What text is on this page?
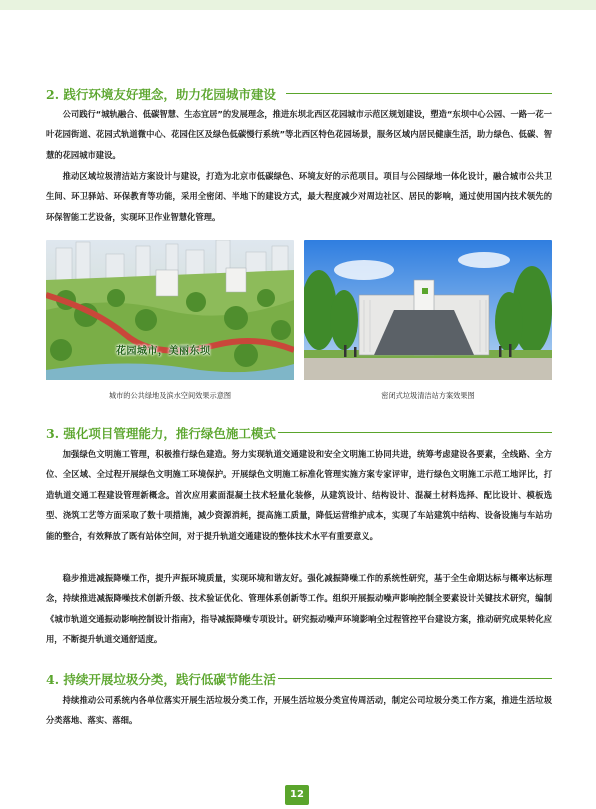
2. 践行环境友好理念，助力花园城市建设

公司践行“城轨融合、低碳智慧、生态宜居”的发展理念，推进东坝北西区花园城市示范区规划建设，塑造“东坝中心公园、一路一花一叶花园街道、花园式轨道微中心、花园住区及绿色低碳慢行系统”等北西区特色花园场景，服务区域内居民健康生活，助力绿色、低碳、智慧的花园城市建设。

推动区域垃圾清洁站方案设计与建设，打造为北京市低碳绿色、环境友好的示范项目。项目与公园绿地一体化设计，融合城市公共卫生间、环卫驿站、环保教育等功能，采用全密闭、半地下的建设方式，最大程度减少对周边社区、居民的影响，通过使用国内技术领先的环保智能工艺设备，实现环卫作业智慧化管理。

花园城市，美丽东坝
城市的公共绿地及滨水空间效果示意图	密闭式垃圾清洁站方案效果图
3. 强化项目管理能力，推行绿色施工模式

加强绿色文明施工管理，积极推行绿色建造。努力实现轨道交通建设和安全文明施工协同共进，统筹考虑建设各要素，全线路、全方位、全区域、全过程开展绿色文明施工环境保护。开展绿色文明施工标准化管理实施方案专家评审，进行绿色文明施工示范工地评比，打造轨道交通工程建设管理新概念。首次应用素面混凝土技术轻量化装修，从建筑设计、结构设计、混凝土材料选择、配比设计、模板选型、浇筑工艺等方面采取了数十项措施，减少资源消耗，提高施工质量，降低运营维护成本，实现了车站建筑中结构、设备设施与车站功能的整合，有效释放了既有站体空间，对于提升轨道交通建设的整体技术水平有重要意义。

稳步推进减振降噪工作，提升声振环境质量，实现环境和谐友好。强化减振降噪工作的系统性研究，基于全生命期达标与概率达标理念，持续推进减振降噪技术创新升级、技术验证优化、管理体系创新等工作。组织开展振动噪声影响控制全要素设计关键技术研究，编制《城市轨道交通振动影响控制设计指南》，指导减振降噪专项设计。研究振动噪声环境影响全过程管控平台建设方案，推动研究成果转化应用，不断提升轨道交通舒适度。

4. 持续开展垃圾分类，践行低碳节能生活

持续推动公司系统内各单位落实开展生活垃圾分类工作，开展生活垃圾分类宣传周活动，制定公司垃圾分类工作方案，推进生活垃圾分类落地、落实、落细。

12
